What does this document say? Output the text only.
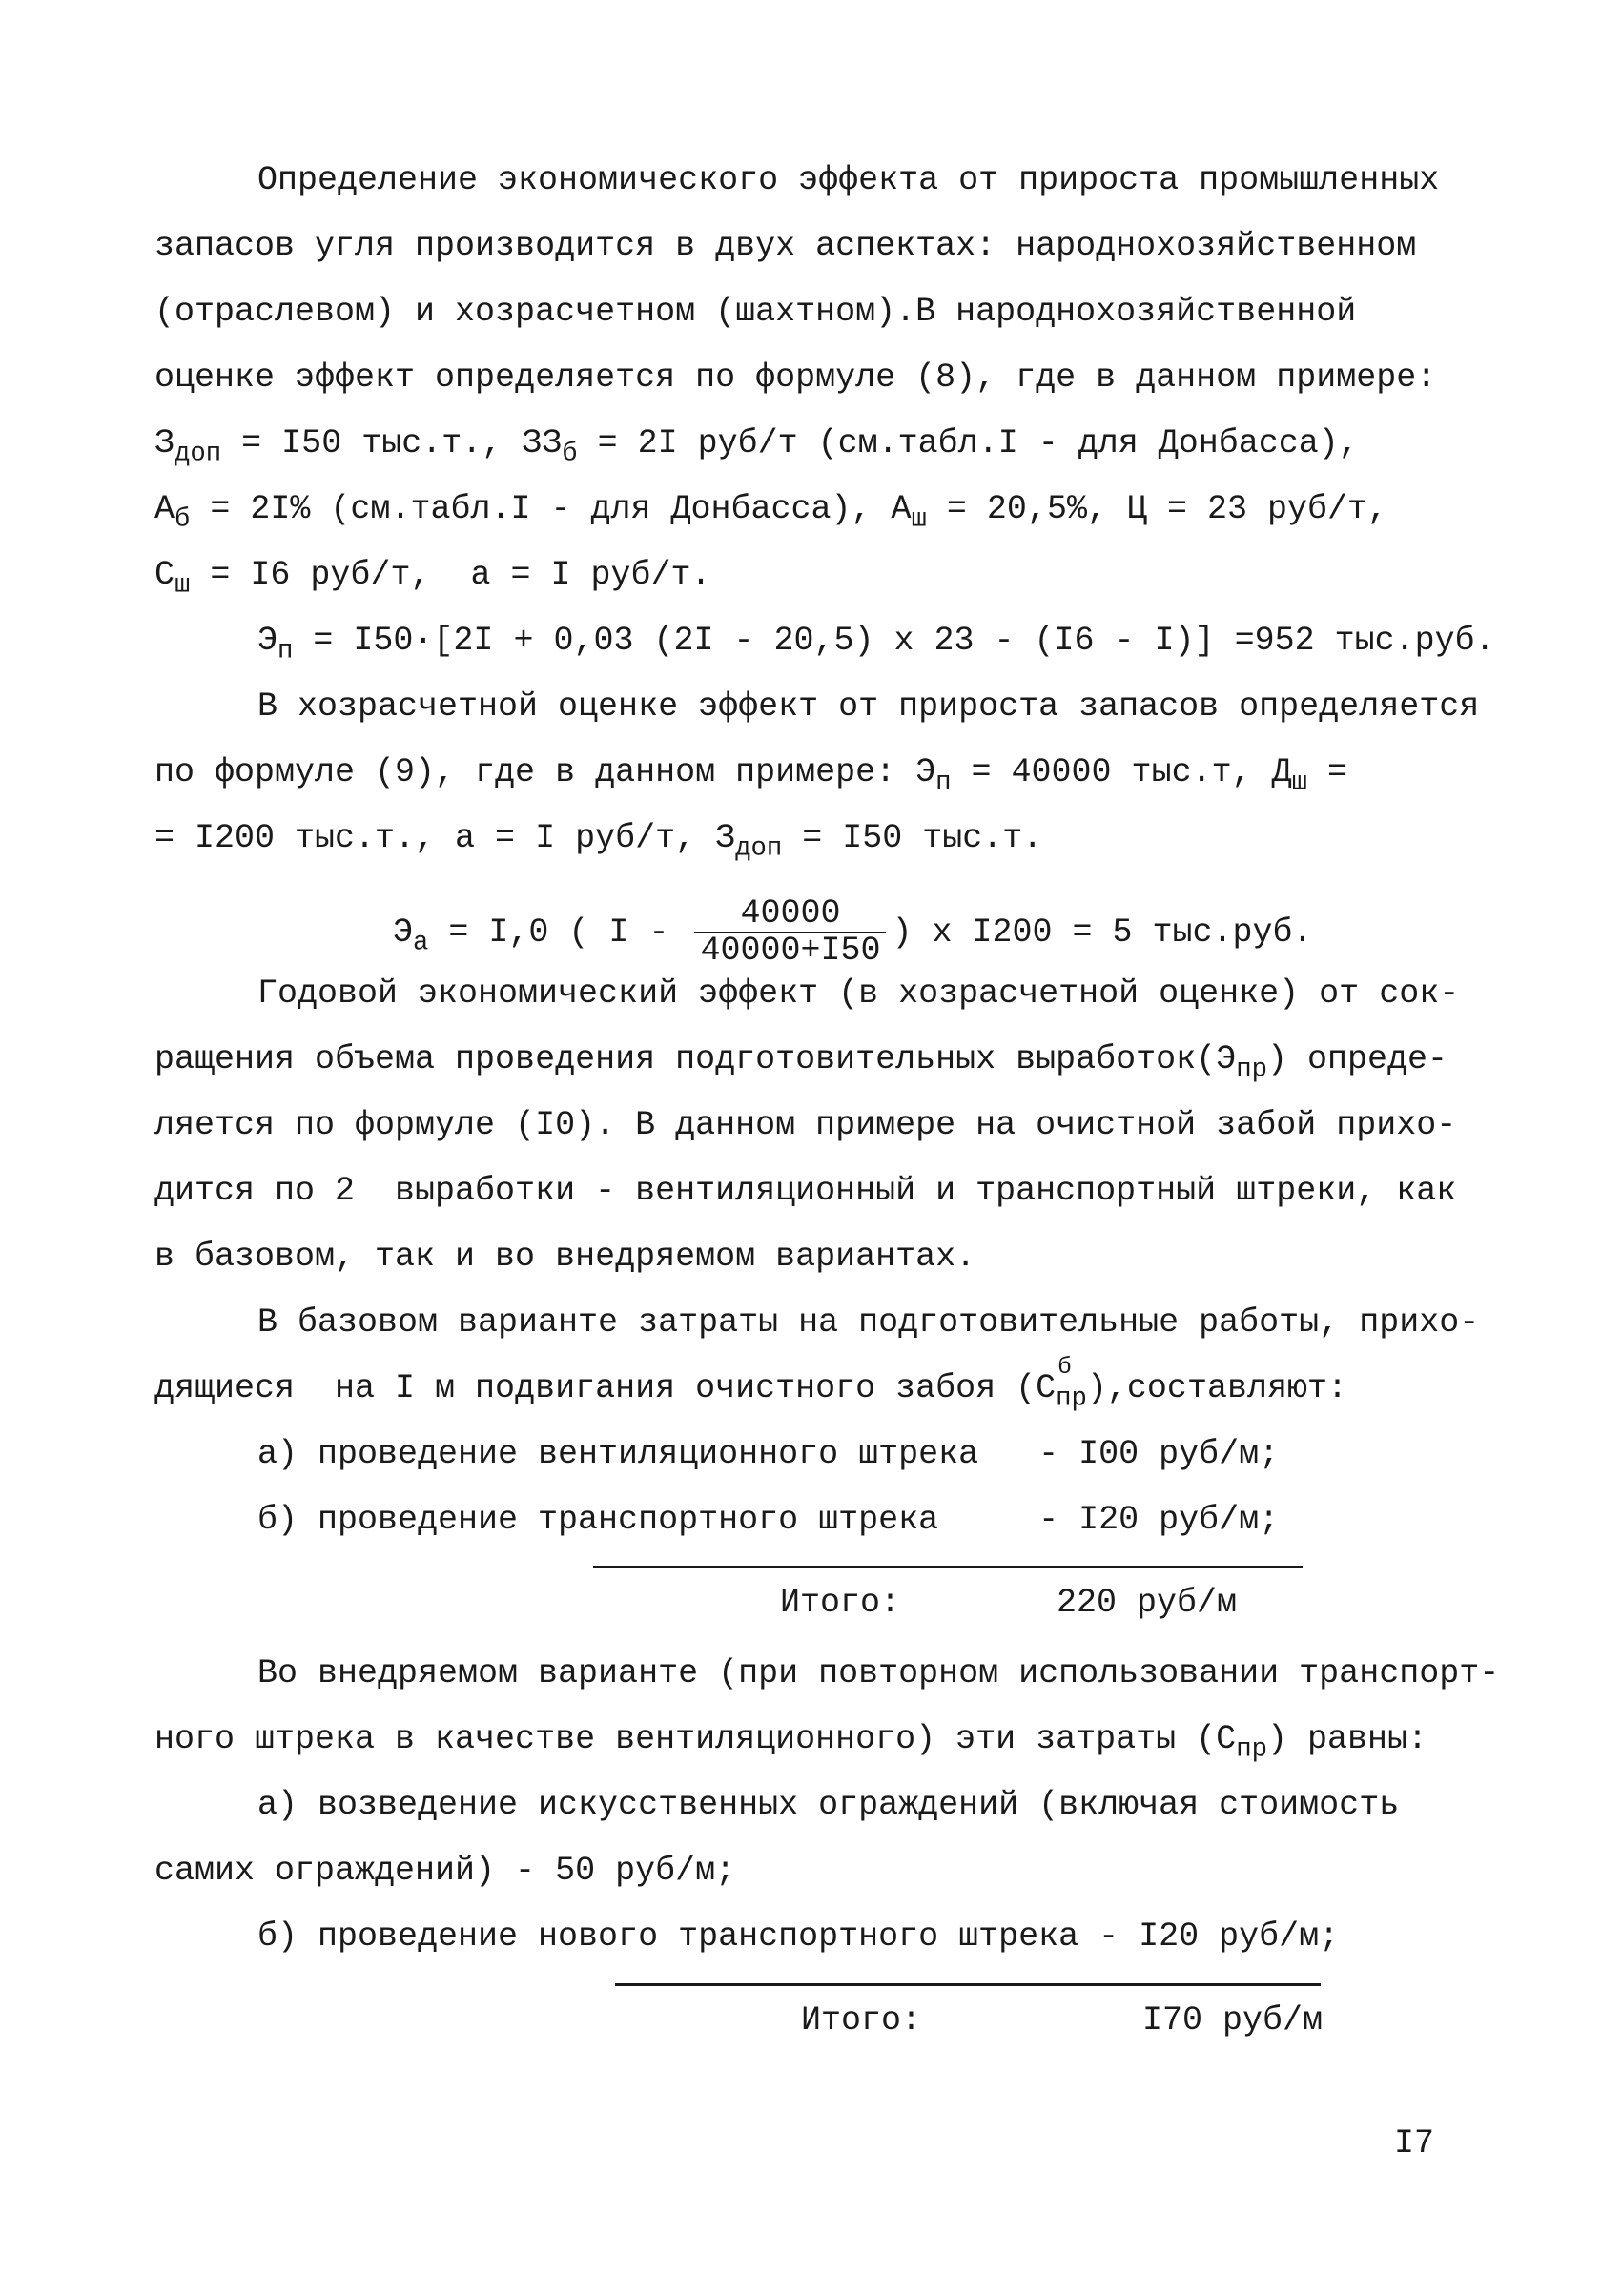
Определение экономического эффекта от прироста промышленных
запасов угля производится в двух аспектах: народнохозяйственном
(отраслевом) и хозрасчетном (шахтном).В народнохозяйственной
оценке эффект определяется по формуле (8), где в данном примере:
$З_{доп} = I50$ тыс.т., $ЗЗ_б = 2I$ руб/т (см.табл.I - для Донбасса),
$А_б = 2I\%$ (см.табл.I - для Донбасса), $А_ш = 20,5\%$, Ц = 23 руб/т,
$С_ш = I6$ руб/т,  а = I руб/т.
$Э_п = I50\cdot[2I + 0,03$ (2I - 20,5) х 23 - (I6 - I)] =952 тыс.руб.
В хозрасчетной оценке эффект от прироста запасов определяется
по формуле (9), где в данном примере: $Э_п = 40000$ тыс.т, $Д_ш$ =
= I200 тыс.т., а = I руб/т, $З_{доп} = I50$ тыс.т.
$Э_а = I,0$ ( I - $\frac{40000}{40000+I50}$ ) х I200 = 5 тыс.руб.
Годовой экономический эффект (в хозрасчетной оценке) от сок-
ращения объема проведения подготовительных $выработок(Э_{пр})$ опреде-
ляется по формуле (I0). В данном примере на очистной забой прихо-
дится по 2  выработки - вентиляционный и транспортный штреки, как
в базовом, так и во внедряемом вариантах.
В базовом варианте затраты на подготовительные работы, прихо-
дящиеся  на I м подвигания очистного забоя (С
б
$_{пр}$),составляют:
а) проведение вентиляционного штрека   - I00 руб/м;
б) проведение транспортного штрека     - I20 руб/м;
Итого:	220 руб/м
Во внедряемом варианте (при повторном использовании транспорт-
ного штрека в качестве вентиляционного) эти затраты $(С_{пр})$ равны:
а) возведение искусственных ограждений (включая стоимость
самих ограждений) - 50 руб/м;
б) проведение нового транспортного штрека - I20 руб/м;
Итого:	I70 руб/м
I7
